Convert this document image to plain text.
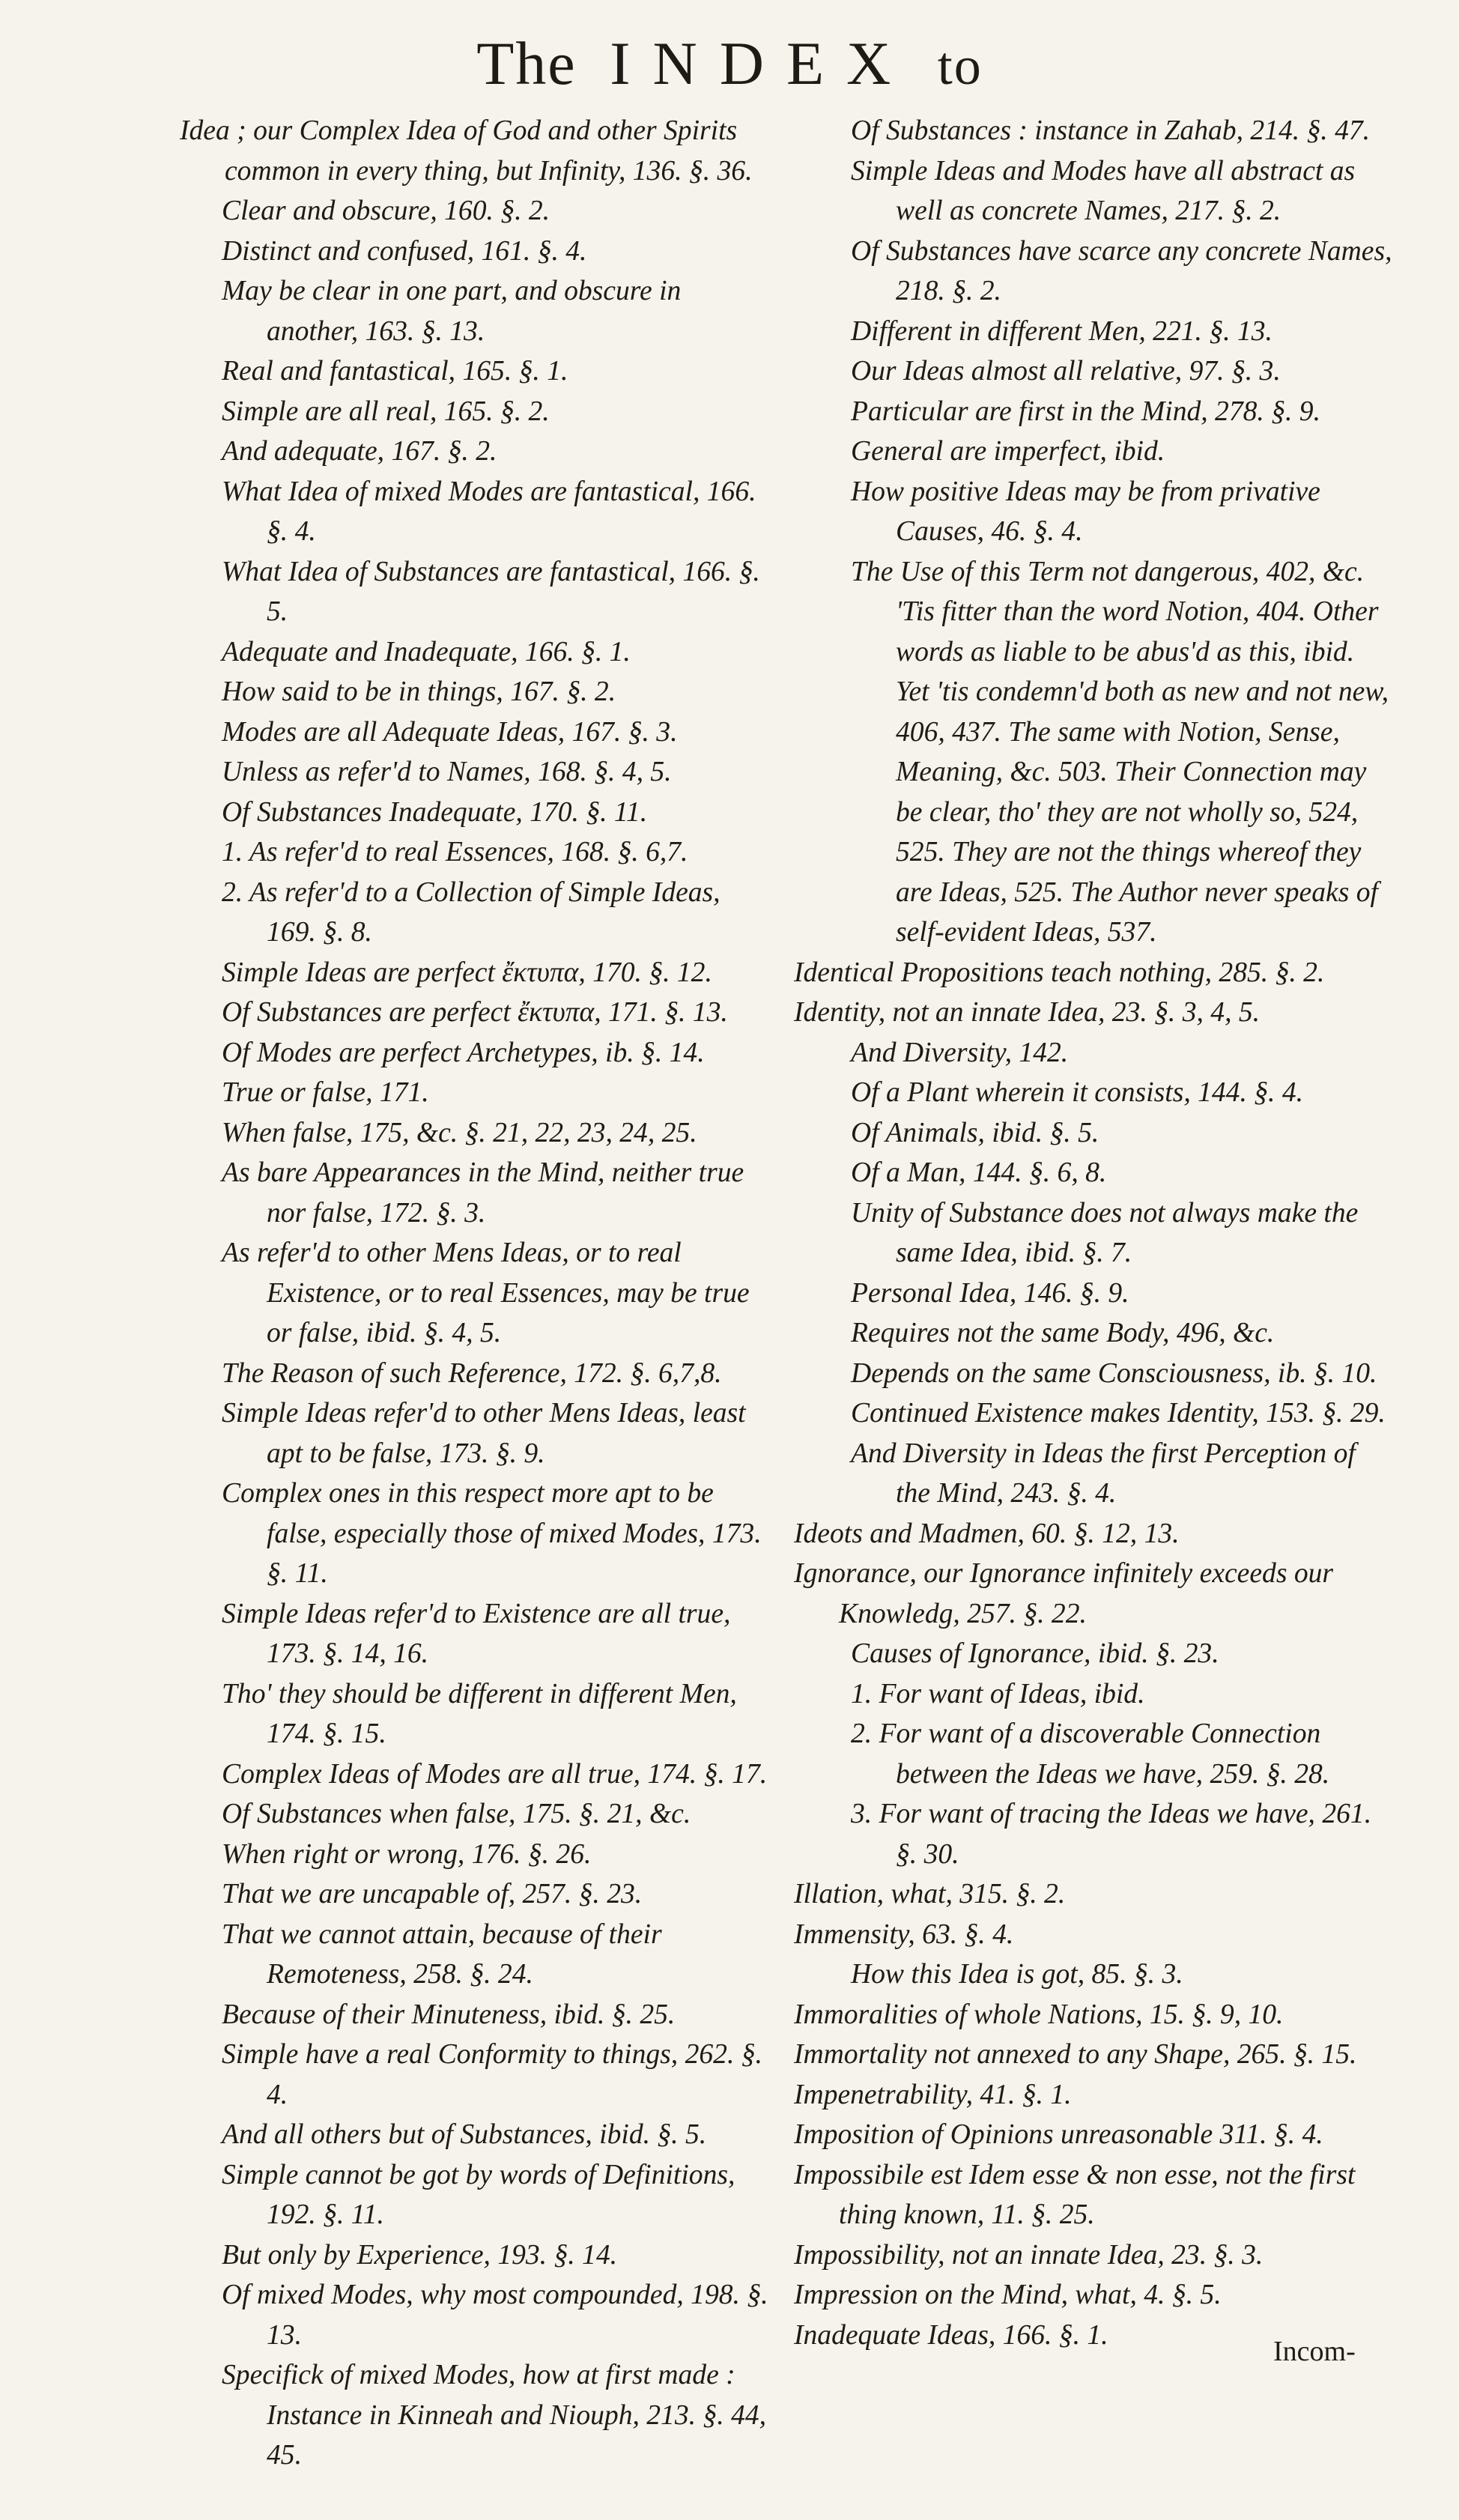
The INDEX to
Idea ; our Complex Idea of God and other Spirits common in every thing, but Infinity, 136. §. 36.
Clear and obscure, 160. §. 2.
Distinct and confused, 161. §. 4.
May be clear in one part, and obscure in another, 163. §. 13.
Real and fantastical, 165. §. 1.
Simple are all real, 165. §. 2.
And adequate, 167. §. 2.
What Idea of mixed Modes are fantastical, 166. §. 4.
What Idea of Substances are fantastical, 166. §. 5.
Adequate and Inadequate, 166. §. 1.
How said to be in things, 167. §. 2.
Modes are all Adequate Ideas, 167. §. 3.
Unless as refer'd to Names, 168. §. 4, 5.
Of Substances Inadequate, 170. §. 11.
1. As refer'd to real Essences, 168. §. 6,7.
2. As refer'd to a Collection of Simple Ideas, 169. §. 8.
Simple Ideas are perfect ἔκτυπα, 170. §. 12.
Of Substances are perfect ἔκτυπα, 171. §. 13.
Of Modes are perfect Archetypes, ib. §. 14.
True or false, 171.
When false, 175, &c. §. 21, 22, 23, 24, 25.
As bare Appearances in the Mind, neither true nor false, 172. §. 3.
As refer'd to other Mens Ideas, or to real Existence, or to real Essences, may be true or false, ibid. §. 4, 5.
The Reason of such Reference, 172. §. 6,7,8.
Simple Ideas refer'd to other Mens Ideas, least apt to be false, 173. §. 9.
Complex ones in this respect more apt to be false, especially those of mixed Modes, 173. §. 11.
Simple Ideas refer'd to Existence are all true, 173. §. 14, 16.
Tho' they should be different in different Men, 174. §. 15.
Complex Ideas of Modes are all true, 174. §. 17.
Of Substances when false, 175. §. 21, &c.
When right or wrong, 176. §. 26.
That we are uncapable of, 257. §. 23.
That we cannot attain, because of their Remoteness, 258. §. 24.
Because of their Minuteness, ibid. §. 25.
Simple have a real Conformity to things, 262. §. 4.
And all others but of Substances, ibid. §. 5.
Simple cannot be got by words of Definitions, 192. §. 11.
But only by Experience, 193. §. 14.
Of mixed Modes, why most compounded, 198. §. 13.
Specifick of mixed Modes, how at first made : Instance in Kinneah and Niouph, 213. §. 44, 45.
Of Substances : instance in Zahab, 214. §. 47.
Simple Ideas and Modes have all abstract as well as concrete Names, 217. §. 2.
Of Substances have scarce any concrete Names, 218. §. 2.
Different in different Men, 221. §. 13.
Our Ideas almost all relative, 97. §. 3.
Particular are first in the Mind, 278. §. 9.
General are imperfect, ibid.
How positive Ideas may be from privative Causes, 46. §. 4.
The Use of this Term not dangerous, 402, &c. 'Tis fitter than the word Notion, 404. Other words as liable to be abus'd as this, ibid. Yet 'tis condemn'd both as new and not new, 406, 437. The same with Notion, Sense, Meaning, &c. 503. Their Connection may be clear, tho' they are not wholly so, 524, 525. They are not the things whereof they are Ideas, 525. The Author never speaks of self-evident Ideas, 537.
Identical Propositions teach nothing, 285. §. 2.
Identity, not an innate Idea, 23. §. 3, 4, 5.
And Diversity, 142.
Of a Plant wherein it consists, 144. §. 4.
Of Animals, ibid. §. 5.
Of a Man, 144. §. 6, 8.
Unity of Substance does not always make the same Idea, ibid. §. 7.
Personal Idea, 146. §. 9.
Requires not the same Body, 496, &c.
Depends on the same Consciousness, ib. §. 10.
Continued Existence makes Identity, 153. §. 29.
And Diversity in Ideas the first Perception of the Mind, 243. §. 4.
Ideots and Madmen, 60. §. 12, 13.
Ignorance, our Ignorance infinitely exceeds our Knowledg, 257. §. 22.
Causes of Ignorance, ibid. §. 23.
1. For want of Ideas, ibid.
2. For want of a discoverable Connection between the Ideas we have, 259. §. 28.
3. For want of tracing the Ideas we have, 261. §. 30.
Illation, what, 315. §. 2.
Immensity, 63. §. 4.
How this Idea is got, 85. §. 3.
Immoralities of whole Nations, 15. §. 9, 10.
Immortality not annexed to any Shape, 265. §. 15.
Impenetrability, 41. §. 1.
Imposition of Opinions unreasonable 311. §. 4.
Impossibile est Idem esse & non esse, not the first thing known, 11. §. 25.
Impossibility, not an innate Idea, 23. §. 3.
Impression on the Mind, what, 4. §. 5.
Inadequate Ideas, 166. §. 1.
Incom-
